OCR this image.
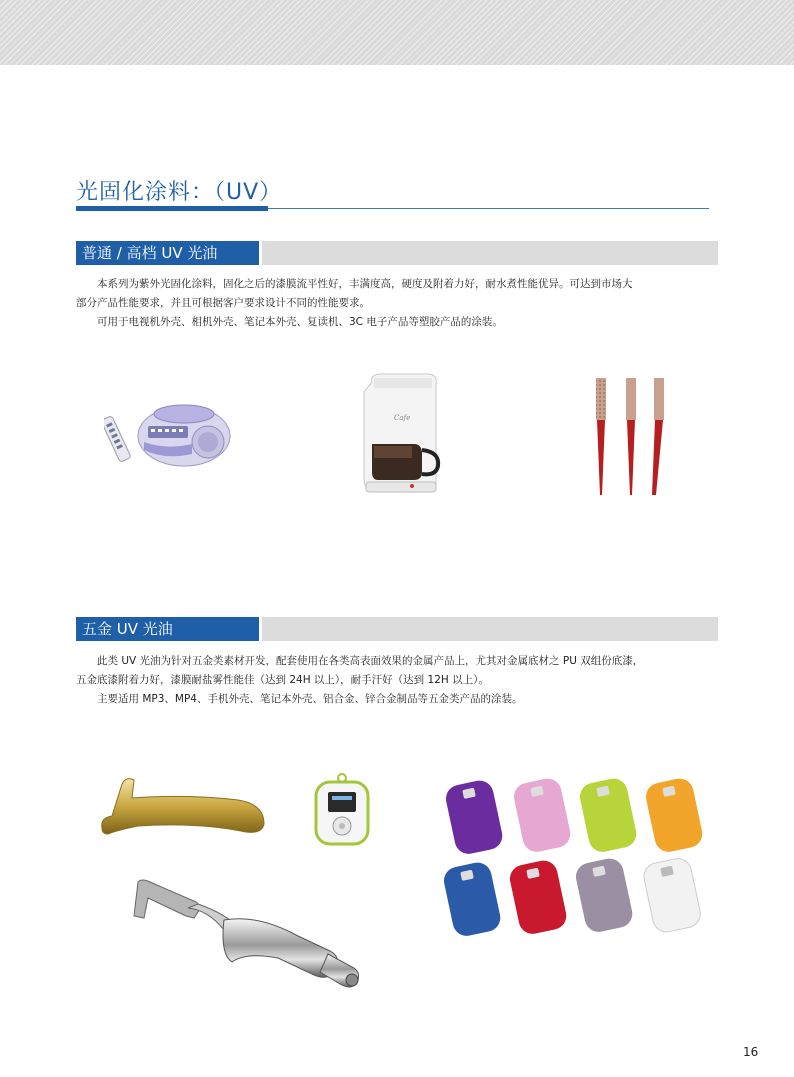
光固化涂料：（UV）
普通 / 高档 UV 光油

本系列为紫外光固化涂料，固化之后的漆膜流平性好，丰满度高，硬度及附着力好，耐水煮性能优异。可达到市场大

部分产品性能要求，并且可根据客户要求设计不同的性能要求。

可用于电视机外壳、相机外壳、笔记本外壳、复读机、3C 电子产品等塑胶产品的涂装。

Cafe
五金 UV 光油

此类 UV 光油为针对五金类素材开发，配套使用在各类高表面效果的金属产品上，尤其对金属底材之 PU 双组份底漆，

五金底漆附着力好，漆膜耐盐雾性能佳（达到 24H 以上），耐手汗好（达到 12H 以上）。

主要适用 MP3、MP4、手机外壳、笔记本外壳、铝合金、锌合金制品等五金类产品的涂装。

16
